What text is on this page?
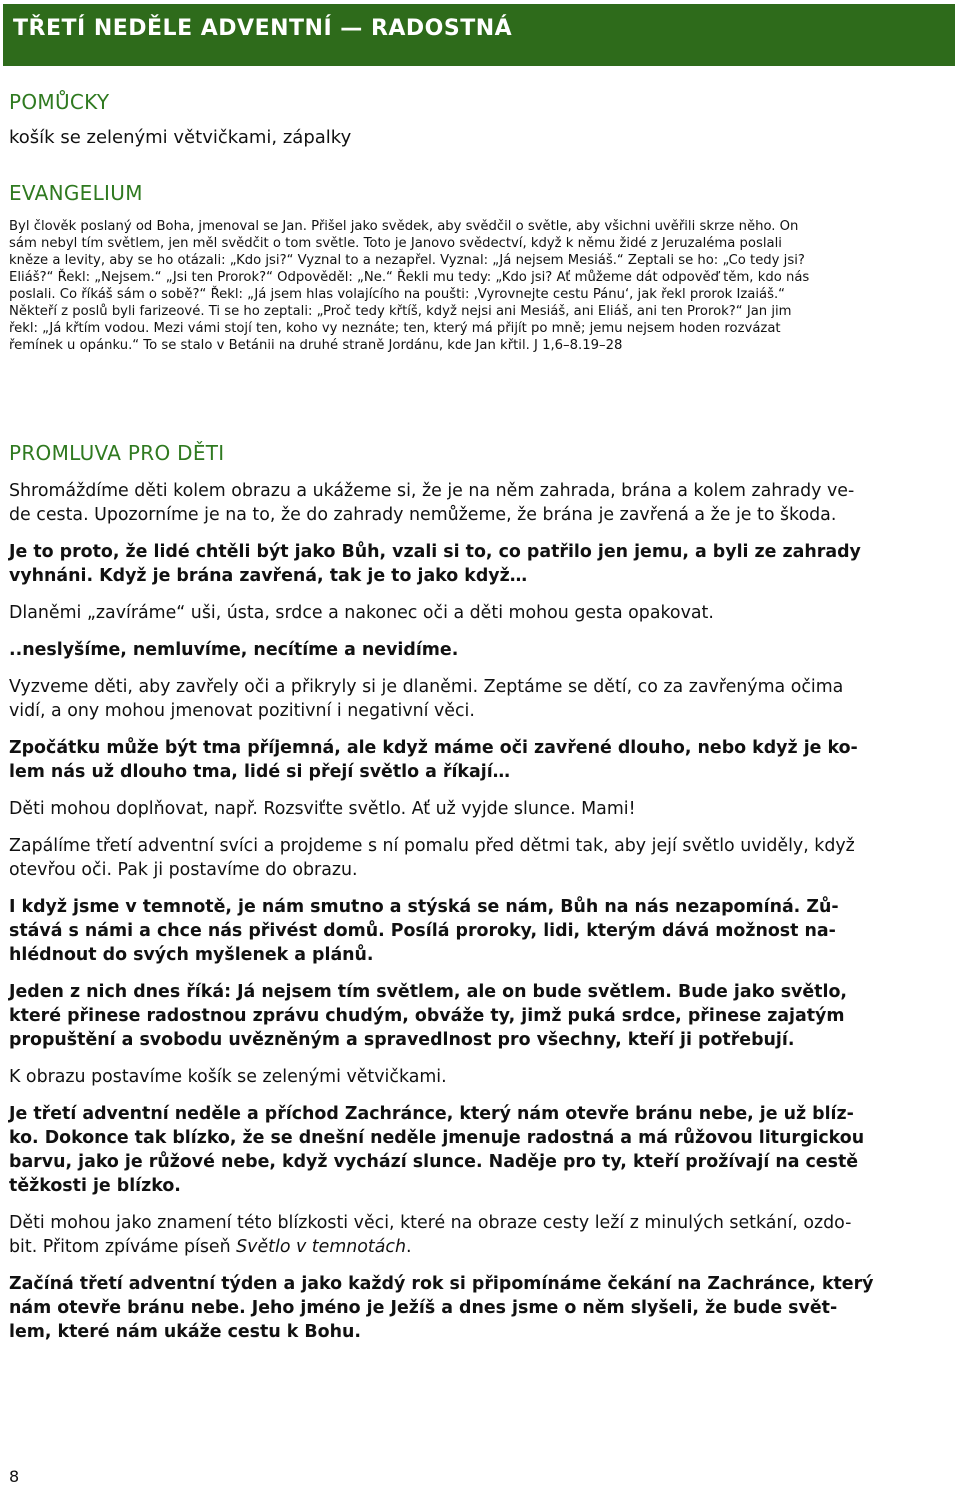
TŘETÍ NEDĚLE ADVENTNÍ — RADOSTNÁ
POMŮCKY

košík se zelenými větvičkami, zápalky

EVANGELIUM
Byl člověk poslaný od Boha, jmenoval se Jan. Přišel jako svědek, aby svědčil o světle, aby všichni uvěřili skrze něho. On
sám nebyl tím světlem, jen měl svědčit o tom světle. Toto je Janovo svědectví, když k němu židé z Jeruzaléma poslali
kněze a levity, aby se ho otázali: „Kdo jsi?“ Vyznal to a nezapřel. Vyznal: „Já nejsem Mesiáš.“ Zeptali se ho: „Co tedy jsi?
Eliáš?“ Řekl: „Nejsem.“ „Jsi ten Prorok?“ Odpověděl: „Ne.“ Řekli mu tedy: „Kdo jsi? Ať můžeme dát odpověď těm, kdo nás
poslali. Co říkáš sám o sobě?“ Řekl: „Já jsem hlas volajícího na poušti: ‚Vyrovnejte cestu Pánu‘, jak řekl prorok Izaiáš.“
Někteří z poslů byli farizeové. Ti se ho zeptali: „Proč tedy křtíš, když nejsi ani Mesiáš, ani Eliáš, ani ten Prorok?“ Jan jim
řekl: „Já křtím vodou. Mezi vámi stojí ten, koho vy neznáte; ten, který má přijít po mně; jemu nejsem hoden rozvázat
řemínek u opánku.“ To se stalo v Betánii na druhé straně Jordánu, kde Jan křtil. J 1,6–8.19–28
PROMLUVA PRO DĚTI

Shromáždíme děti kolem obrazu a ukážeme si, že je na něm zahrada, brána a kolem zahrady ve-
de cesta. Upozorníme je na to, že do zahrady nemůžeme, že brána je zavřená a že je to škoda.

Je to proto, že lidé chtěli být jako Bůh, vzali si to, co patřilo jen jemu, a byli ze zahrady
vyhnáni. Když je brána zavřená, tak je to jako když…

Dlaněmi „zavíráme“ uši, ústa, srdce a nakonec oči a děti mohou gesta opakovat.

..neslyšíme, nemluvíme, necítíme a nevidíme.

Vyzveme děti, aby zavřely oči a přikryly si je dlaněmi. Zeptáme se dětí, co za zavřenýma očima
vidí, a ony mohou jmenovat pozitivní i negativní věci.

Zpočátku může být tma příjemná, ale když máme oči zavřené dlouho, nebo když je ko-
lem nás už dlouho tma, lidé si přejí světlo a říkají…

Děti mohou doplňovat, např. Rozsviťte světlo. Ať už vyjde slunce. Mami!

Zapálíme třetí adventní svíci a projdeme s ní pomalu před dětmi tak, aby její světlo uviděly, když
otevřou oči. Pak ji postavíme do obrazu.

I když jsme v temnotě, je nám smutno a stýská se nám, Bůh na nás nezapomíná. Zů-
stává s námi a chce nás přivést domů. Posílá proroky, lidi, kterým dává možnost na-
hlédnout do svých myšlenek a plánů.

Jeden z nich dnes říká: Já nejsem tím světlem, ale on bude světlem. Bude jako světlo,
které přinese radostnou zprávu chudým, obváže ty, jimž puká srdce, přinese zajatým
propuštění a svobodu uvězněným a spravedlnost pro všechny, kteří ji potřebují.

K obrazu postavíme košík se zelenými větvičkami.

Je třetí adventní neděle a příchod Zachránce, který nám otevře bránu nebe, je už blíz-
ko. Dokonce tak blízko, že se dnešní neděle jmenuje radostná a má růžovou liturgickou
barvu, jako je růžové nebe, když vychází slunce. Naděje pro ty, kteří prožívají na cestě
těžkosti je blízko.

Děti mohou jako znamení této blízkosti věci, které na obraze cesty leží z minulých setkání, ozdo-
bit. Přitom zpíváme píseň Světlo v temnotách.

Začíná třetí adventní týden a jako každý rok si připomínáme čekání na Zachránce, který
nám otevře bránu nebe. Jeho jméno je Ježíš a dnes jsme o něm slyšeli, že bude svět-
lem, které nám ukáže cestu k Bohu.

8
